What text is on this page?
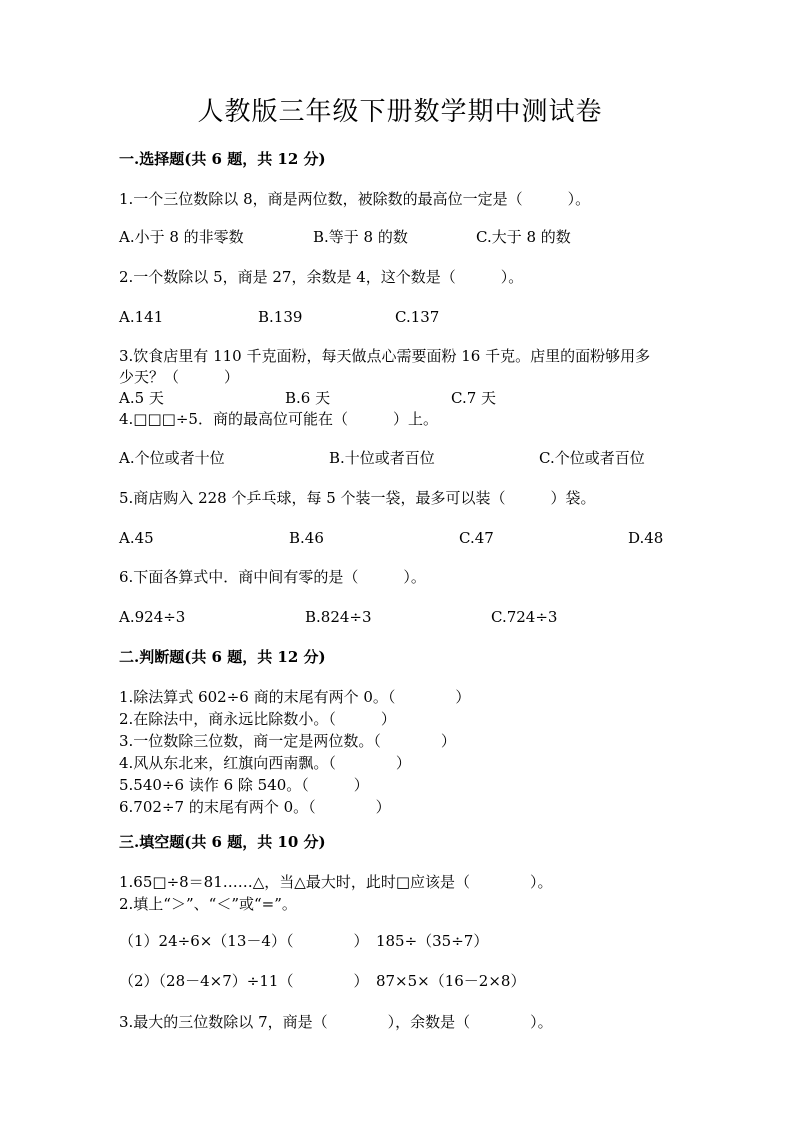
人教版三年级下册数学期中测试卷
一.选择题(共 6 题，共 12 分)
1.一个三位数除以 8，商是两位数，被除数的最高位一定是（　　　）。
A.小于 8 的非零数	B.等于 8 的数	C.大于 8 的数
2.一个数除以 5，商是 27，余数是 4，这个数是（　　　）。
A.141	B.139	C.137
3.饮食店里有 110 千克面粉，每天做点心需要面粉 16 千克。店里的面粉够用多
少天？（　　　）
A.5 天	B.6 天	C.7 天
4.□□□÷5．商的最高位可能在（　　　）上。
A.个位或者十位	B.十位或者百位	C.个位或者百位
5.商店购入 228 个乒乓球，每 5 个装一袋，最多可以装（　　　）袋。
A.45	B.46	C.47	D.48
6.下面各算式中．商中间有零的是（　　　）。
A.924÷3	B.824÷3	C.724÷3
二.判断题(共 6 题，共 12 分)
1.除法算式 602÷6 商的末尾有两个 0。（　　　　）
2.在除法中，商永远比除数小。（　　　）
3.一位数除三位数，商一定是两位数。（　　　　）
4.风从东北来，红旗向西南飘。（　　　　）
5.540÷6 读作 6 除 540。（　　　）
6.702÷7 的末尾有两个 0。（　　　　）
三.填空题(共 6 题，共 10 分)
1.65□÷8＝81……△，当△最大时，此时□应该是（　　　　）。
2.填上“＞”、“＜”或“=”。
（1）24÷6×（13－4）（　　　　）　185÷（35÷7）
（2）（28－4×7）÷11（　　　　）　87×5×（16－2×8）
3.最大的三位数除以 7，商是（　　　　），余数是（　　　　）。
